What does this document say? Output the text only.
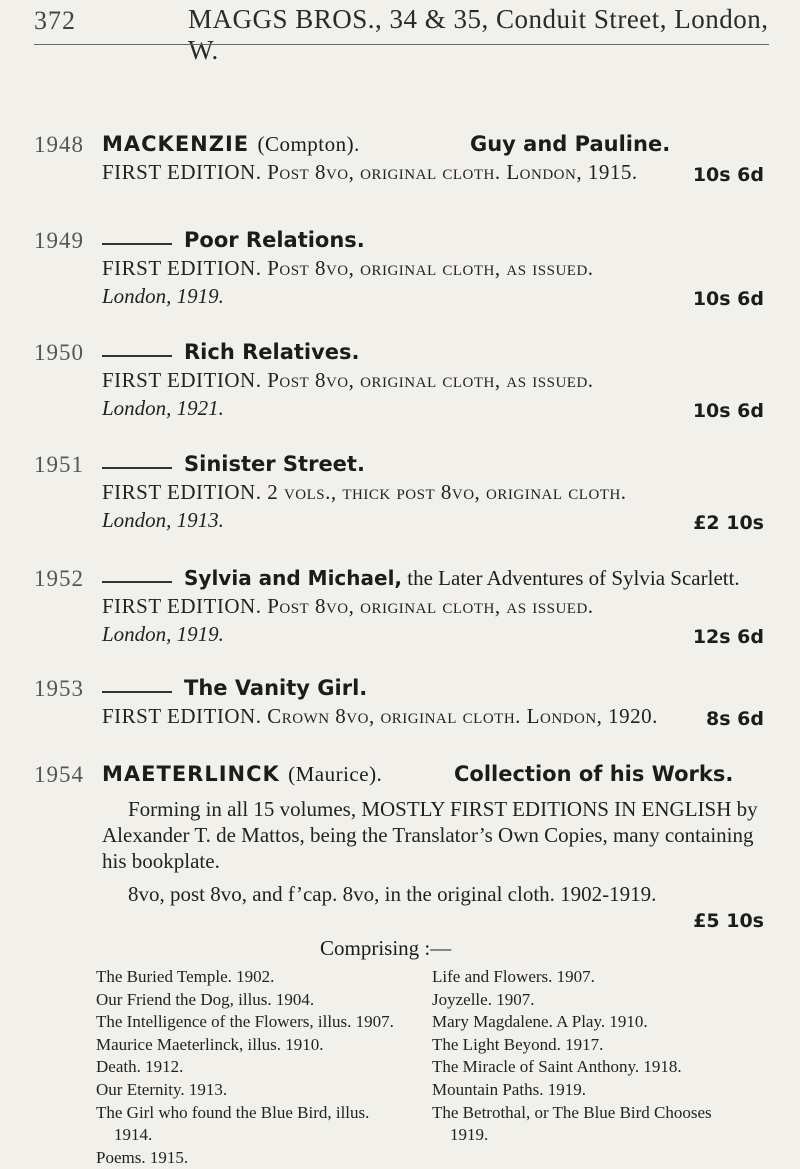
372	MAGGS BROS., 34 & 35, Conduit Street, London, W.
1948 MACKENZIE (Compton).	Guy and Pauline.
FIRST EDITION. Post 8vo, original cloth. London, 1915.	10s 6d
1949	Poor Relations.
FIRST EDITION. Post 8vo, original cloth, as issued.
London, 1919.	10s 6d
1950	Rich Relatives.
FIRST EDITION. Post 8vo, original cloth, as issued.
London, 1921.	10s 6d
1951	Sinister Street.
FIRST EDITION. 2 vols., thick post 8vo, original cloth.
London, 1913.	£2 10s
1952	Sylvia and Michael, the Later Adventures of Sylvia Scarlett.
FIRST EDITION. Post 8vo, original cloth, as issued.
London, 1919.	12s 6d
1953	The Vanity Girl.
FIRST EDITION. Crown 8vo, original cloth. London, 1920.	8s 6d
1954 MAETERLINCK (Maurice).	Collection of his Works.
Forming in all 15 volumes, MOSTLY FIRST EDITIONS IN ENGLISH by Alexander T. de Mattos, being the Translator’s Own Copies, many containing his bookplate.
8vo, post 8vo, and f’cap. 8vo, in the original cloth. 1902-1919.
£5 10s
Comprising :—
The Buried Temple. 1902.
Our Friend the Dog, illus. 1904.
The Intelligence of the Flowers, illus. 1907.
Maurice Maeterlinck, illus. 1910.
Death. 1912.
Our Eternity. 1913.
The Girl who found the Blue Bird, illus.
1914.
Poems. 1915.
Life and Flowers. 1907.
Joyzelle. 1907.
Mary Magdalene. A Play. 1910.
The Light Beyond. 1917.
The Miracle of Saint Anthony. 1918.
Mountain Paths. 1919.
The Betrothal, or The Blue Bird Chooses
1919.
